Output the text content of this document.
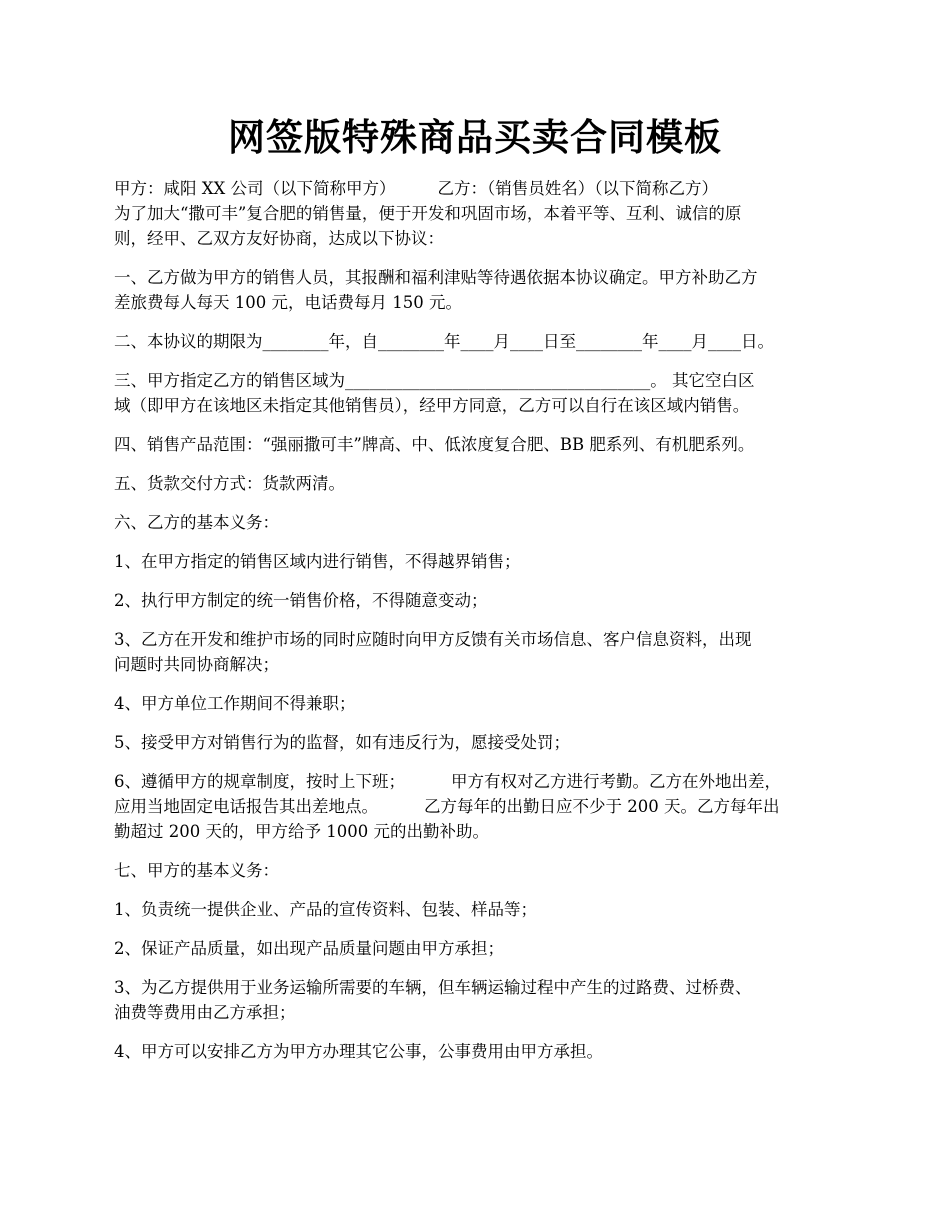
网签版特殊商品买卖合同模板

甲方：咸阳 XX 公司（以下简称甲方）	乙方：（销售员姓名）（以下简称乙方）

为了加大“撒可丰”复合肥的销售量，便于开发和巩固市场，本着平等、互利、诚信的原

则，经甲、乙双方友好协商，达成以下协议：

一、乙方做为甲方的销售人员，其报酬和福利津贴等待遇依据本协议确定。甲方补助乙方

差旅费每人每天 100 元，电话费每月 150 元。

二、本协议的期限为________年，自________年____月____日至________年____月____日。

三、甲方指定乙方的销售区域为_____________________________________。 其它空白区

域（即甲方在该地区未指定其他销售员），经甲方同意，乙方可以自行在该区域内销售。

四、销售产品范围：“强丽撒可丰”牌高、中、低浓度复合肥、BB 肥系列、有机肥系列。

五、货款交付方式：货款两清。

六、乙方的基本义务：

1、在甲方指定的销售区域内进行销售，不得越界销售；

2、执行甲方制定的统一销售价格，不得随意变动；

3、乙方在开发和维护市场的同时应随时向甲方反馈有关市场信息、客户信息资料，出现

问题时共同协商解决；

4、甲方单位工作期间不得兼职；

5、接受甲方对销售行为的监督，如有违反行为，愿接受处罚；

6、遵循甲方的规章制度，按时上下班；	甲方有权对乙方进行考勤。乙方在外地出差，

应用当地固定电话报告其出差地点。	乙方每年的出勤日应不少于 200 天。乙方每年出

勤超过 200 天的，甲方给予 1000 元的出勤补助。

七、甲方的基本义务：

1、负责统一提供企业、产品的宣传资料、包装、样品等；

2、保证产品质量，如出现产品质量问题由甲方承担；

3、为乙方提供用于业务运输所需要的车辆，但车辆运输过程中产生的过路费、过桥费、

油费等费用由乙方承担；

4、甲方可以安排乙方为甲方办理其它公事，公事费用由甲方承担。
